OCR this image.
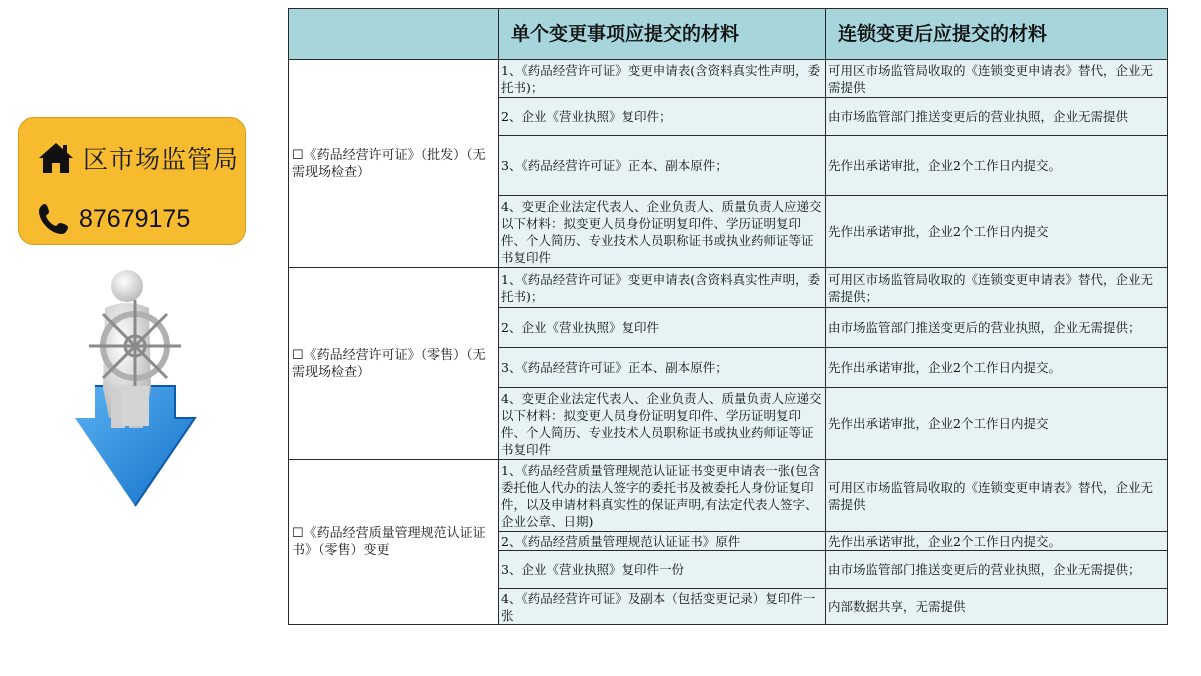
区市场监管局
87679175
	单个变更事项应提交的材料	连锁变更后应提交的材料
☐《药品经营许可证》（批发）（无需现场检查）	1、《药品经营许可证》变更申请表(含资料真实性声明，委托书)；	可用区市场监管局收取的《连锁变更申请表》替代，企业无需提供
	2、企业《营业执照》复印件；	由市场监管部门推送变更后的营业执照，企业无需提供
	3、《药品经营许可证》正本、副本原件；	先作出承诺审批，企业2个工作日内提交。
	4、变更企业法定代表人、企业负责人、质量负责人应递交以下材料：拟变更人员身份证明复印件、学历证明复印件、个人简历、专业技术人员职称证书或执业药师证等证书复印件	先作出承诺审批，企业2个工作日内提交
☐《药品经营许可证》（零售）（无需现场检查）	1、《药品经营许可证》变更申请表(含资料真实性声明，委托书)；	可用区市场监管局收取的《连锁变更申请表》替代，企业无需提供；
	2、企业《营业执照》复印件	由市场监管部门推送变更后的营业执照，企业无需提供；
	3、《药品经营许可证》正本、副本原件；	先作出承诺审批，企业2个工作日内提交。
	4、变更企业法定代表人、企业负责人、质量负责人应递交以下材料：拟变更人员身份证明复印件、学历证明复印件、个人简历、专业技术人员职称证书或执业药师证等证书复印件	先作出承诺审批，企业2个工作日内提交
☐《药品经营质量管理规范认证证书》（零售）变更	1、《药品经营质量管理规范认证证书变更申请表一张(包含委托他人代办的法人签字的委托书及被委托人身份证复印件，以及申请材料真实性的保证声明,有法定代表人签字、企业公章、日期)	可用区市场监管局收取的《连锁变更申请表》替代，企业无需提供
	2、《药品经营质量管理规范认证证书》原件	先作出承诺审批，企业2个工作日内提交。
	3、企业《营业执照》复印件一份	由市场监管部门推送变更后的营业执照，企业无需提供；
	4、《药品经营许可证》及副本（包括变更记录）复印件一张	内部数据共享，无需提供
